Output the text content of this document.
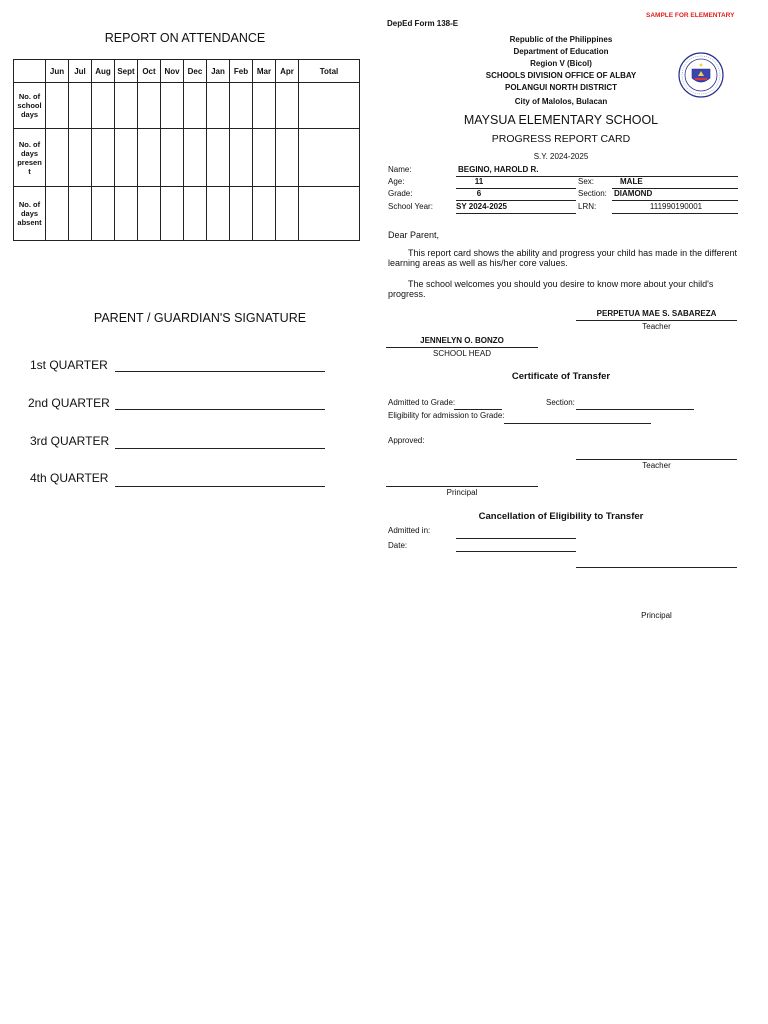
REPORT ON ATTENDANCE
	Jun	Jul	Aug	Sept	Oct	Nov	Dec	Jan	Feb	Mar	Apr	Total
No. of school days												
No. of days presen t												
No. of days absent												
PARENT / GUARDIAN'S SIGNATURE
1st QUARTER
2nd QUARTER
3rd QUARTER
4th QUARTER
SAMPLE FOR ELEMENTARY
DepEd Form 138-E
Republic of the Philippines
Department of Education
Region V (Bicol)
SCHOOLS DIVISION OFFICE OF ALBAY
POLANGUI NORTH DISTRICT
City of Malolos, Bulacan
MAYSUA ELEMENTARY SCHOOL
PROGRESS REPORT CARD
S.Y. 2024-2025
Name:	BEGINO, HAROLD R.
Age:	11	Sex:	MALE
Grade:	6	Section: DIAMOND
School Year:	SY 2024-2025	LRN:	111990190001
Dear Parent,
This report card shows the ability and progress your child has made in the different learning areas as well as his/her core values.
The school welcomes you should you desire to know more about your child's progress.
PERPETUA MAE S. SABAREZA
Teacher
JENNELYN O. BONZO
SCHOOL HEAD
Certificate of Transfer
Admitted to Grade:	Section:
Eligibility for admission to Grade:
Approved:
Teacher
Principal
Cancellation of Eligibility to Transfer
Admitted in:
Date:
Principal
